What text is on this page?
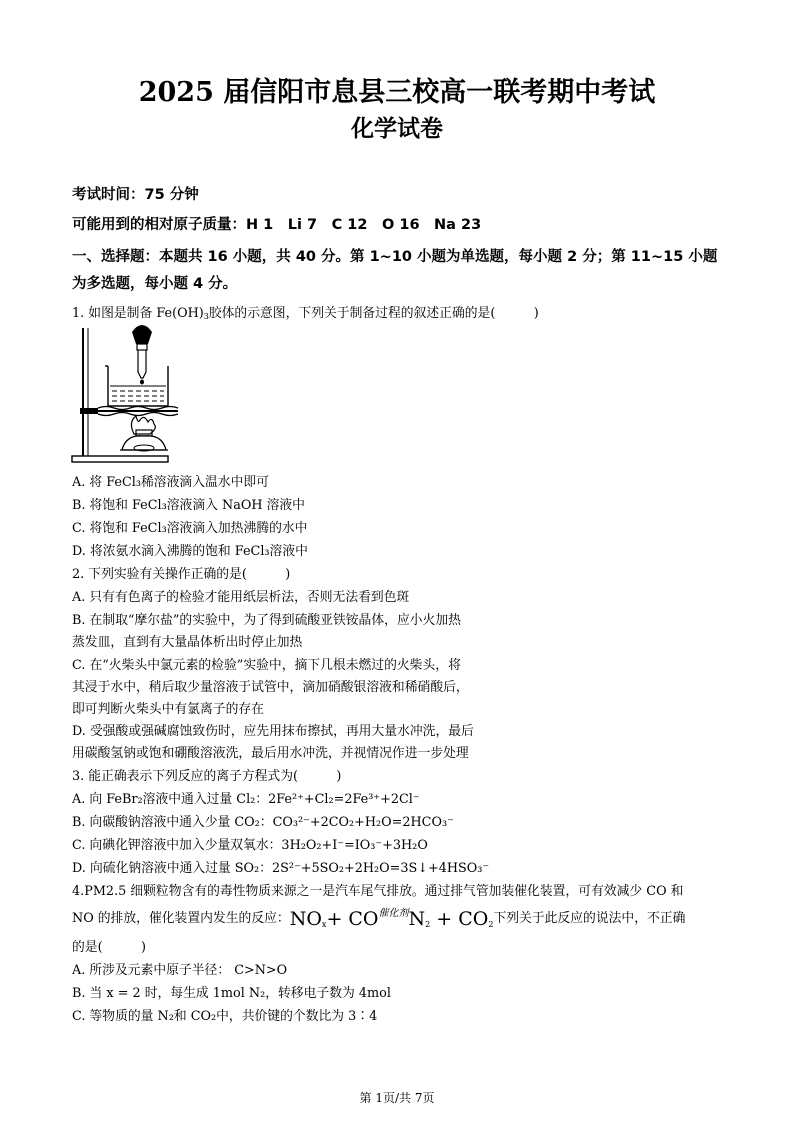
2025 届信阳市息县三校高一联考期中考试
化学试卷
考试时间：75 分钟
可能用到的相对原子质量：H 1　Li 7　C 12　O 16　Na 23
一、选择题：本题共 16 小题，共 40 分。第 1~10 小题为单选题，每小题 2 分；第 11~15 小题
为多选题，每小题 4 分。
1. 如图是制备 $Fe(OH)_3$胶体的示意图，下列关于制备过程的叙述正确的是(　　　)
A. 将 FeCl₃稀溶液滴入温水中即可
B. 将饱和 FeCl₃溶液滴入 NaOH 溶液中
C. 将饱和 FeCl₃溶液滴入加热沸腾的水中
D. 将浓氨水滴入沸腾的饱和 FeCl₃溶液中
2. 下列实验有关操作正确的是(　　　)
A. 只有有色离子的检验才能用纸层析法，否则无法看到色斑
B. 在制取“摩尔盐”的实验中，为了得到硫酸亚铁铵晶体，应小火加热
蒸发皿，直到有大量晶体析出时停止加热
C. 在“火柴头中氯元素的检验”实验中，摘下几根未燃过的火柴头，将
其浸于水中，稍后取少量溶液于试管中，滴加硝酸银溶液和稀硝酸后，
即可判断火柴头中有氯离子的存在
D. 受强酸或强碱腐蚀致伤时，应先用抹布擦拭，再用大量水冲洗，最后
用碳酸氢钠或饱和硼酸溶液洗，最后用水冲洗，并视情况作进一步处理
3. 能正确表示下列反应的离子方程式为(　　　)
A. 向 FeBr₂溶液中通入过量 Cl₂：2Fe²⁺+Cl₂=2Fe³⁺+2Cl⁻
B. 向碳酸钠溶液中通入少量 CO₂：CO₃²⁻+2CO₂+H₂O=2HCO₃⁻
C. 向碘化钾溶液中加入少量双氧水：3H₂O₂+I⁻=IO₃⁻+3H₂O
D. 向硫化钠溶液中通入过量 SO₂：2S²⁻+5SO₂+2H₂O=3S↓+4HSO₃⁻
4.PM2.5 细颗粒物含有的毒性物质来源之一是汽车尾气排放。通过排气管加装催化装置，可有效减少 CO 和
NO 的排放，催化装置内发生的反应：$NO_x+ CO^{催化剂}N_2 + CO_2$下列关于此反应的说法中，不正确
的是(　　　)
A. 所涉及元素中原子半径： C>N>O
B. 当 x = 2 时，每生成 1mol N₂，转移电子数为 4mol
C. 等物质的量 N₂和 CO₂中，共价键的个数比为 3∶4
第 1页/共 7页
